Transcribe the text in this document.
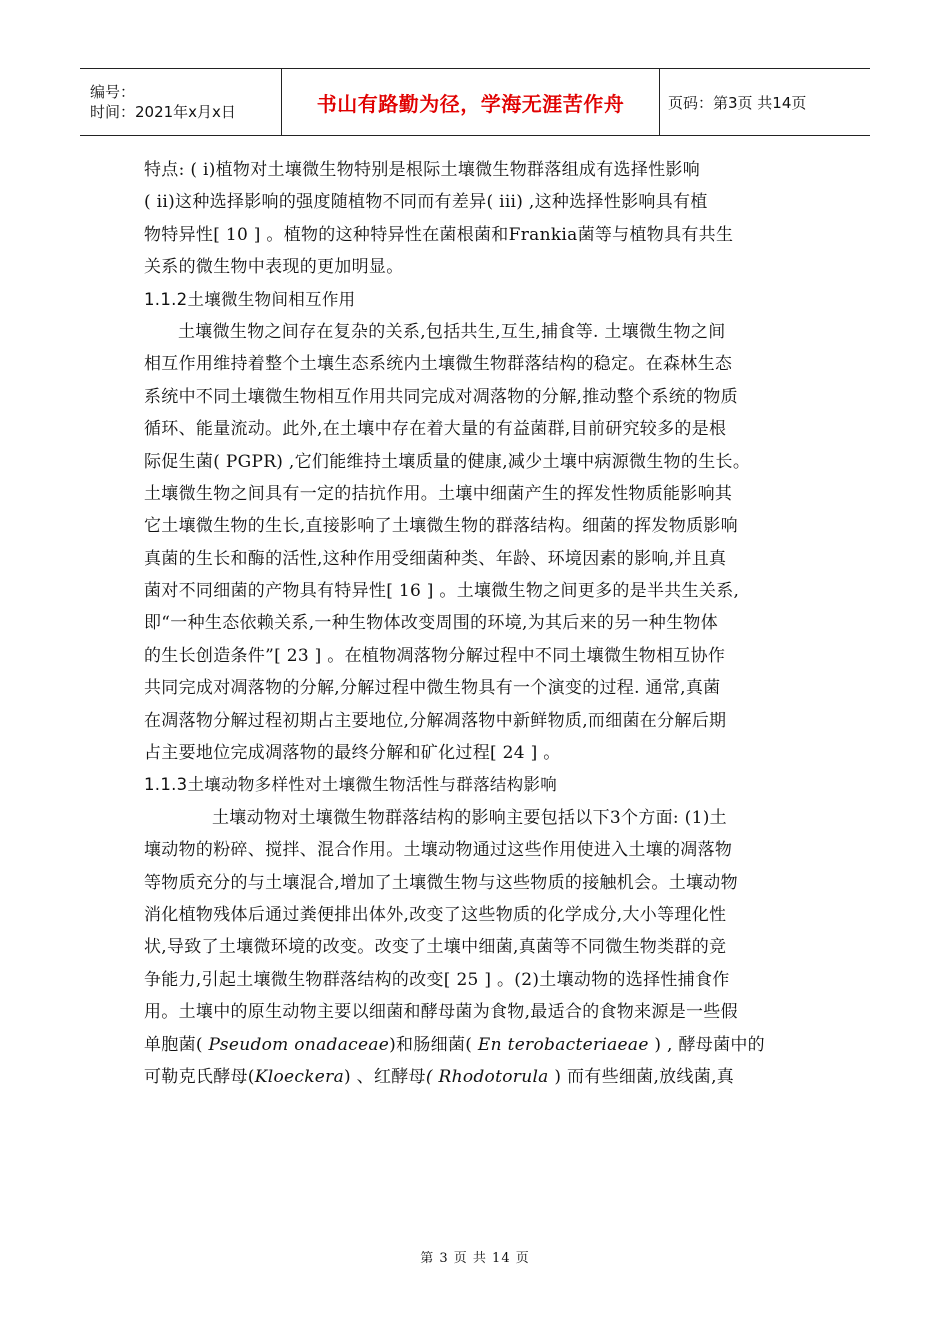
编号：
时间：2021年x月x日	书山有路勤为径，学海无涯苦作舟	页码：第3页 共14页
特点: ( i)植物对土壤微生物特别是根际土壤微生物群落组成有选择性影响
( ii)这种选择影响的强度随植物不同而有差异( iii) ,这种选择性影响具有植
物特异性[ 10 ] 。植物的这种特异性在菌根菌和Frankia菌等与植物具有共生
关系的微生物中表现的更加明显。
1.1.2土壤微生物间相互作用
土壤微生物之间存在复杂的关系,包括共生,互生,捕食等. 土壤微生物之间
相互作用维持着整个土壤生态系统内土壤微生物群落结构的稳定。在森林生态
系统中不同土壤微生物相互作用共同完成对凋落物的分解,推动整个系统的物质
循环、能量流动。此外,在土壤中存在着大量的有益菌群,目前研究较多的是根
际促生菌( PGPR) ,它们能维持土壤质量的健康,减少土壤中病源微生物的生长。
土壤微生物之间具有一定的拮抗作用。土壤中细菌产生的挥发性物质能影响其
它土壤微生物的生长,直接影响了土壤微生物的群落结构。细菌的挥发物质影响
真菌的生长和酶的活性,这种作用受细菌种类、年龄、环境因素的影响,并且真
菌对不同细菌的产物具有特异性[ 16 ] 。土壤微生物之间更多的是半共生关系,
即“一种生态依赖关系,一种生物体改变周围的环境,为其后来的另一种生物体
的生长创造条件”[ 23 ] 。在植物凋落物分解过程中不同土壤微生物相互协作
共同完成对凋落物的分解,分解过程中微生物具有一个演变的过程. 通常,真菌
在凋落物分解过程初期占主要地位,分解凋落物中新鲜物质,而细菌在分解后期
占主要地位完成凋落物的最终分解和矿化过程[ 24 ] 。
1.1.3土壤动物多样性对土壤微生物活性与群落结构影响
土壤动物对土壤微生物群落结构的影响主要包括以下3个方面: (1)土
壤动物的粉碎、搅拌、混合作用。土壤动物通过这些作用使进入土壤的凋落物
等物质充分的与土壤混合,增加了土壤微生物与这些物质的接触机会。土壤动物
消化植物残体后通过粪便排出体外,改变了这些物质的化学成分,大小等理化性
状,导致了土壤微环境的改变。改变了土壤中细菌,真菌等不同微生物类群的竞
争能力,引起土壤微生物群落结构的改变[ 25 ] 。(2)土壤动物的选择性捕食作
用。土壤中的原生动物主要以细菌和酵母菌为食物,最适合的食物来源是一些假
单胞菌( Pseudom onadaceae)和肠细菌( En terobacteriaeae ) , 酵母菌中的
可勒克氏酵母(Kloeckera) 、红酵母( Rhodotorula ) 而有些细菌,放线菌,真
第 3 页 共 14 页
